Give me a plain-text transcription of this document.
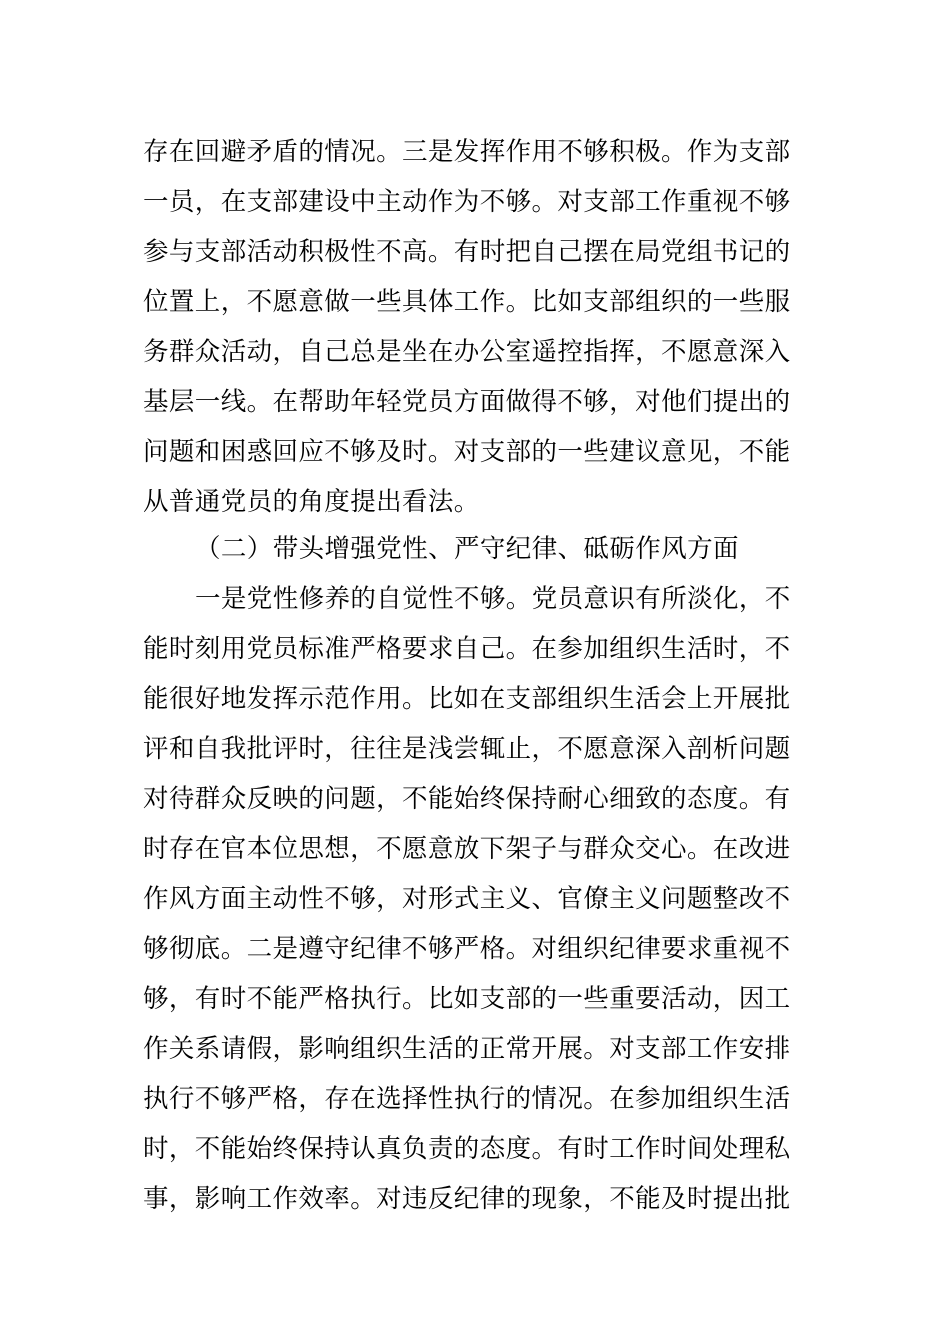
存在回避矛盾的情况。三是发挥作用不够积极。作为支部
一员，在支部建设中主动作为不够。对支部工作重视不够
参与支部活动积极性不高。有时把自己摆在局党组书记的
位置上，不愿意做一些具体工作。比如支部组织的一些服
务群众活动，自己总是坐在办公室遥控指挥，不愿意深入
基层一线。在帮助年轻党员方面做得不够，对他们提出的
问题和困惑回应不够及时。对支部的一些建议意见，不能
从普通党员的角度提出看法。
（二）带头增强党性、严守纪律、砥砺作风方面
一是党性修养的自觉性不够。党员意识有所淡化，不
能时刻用党员标准严格要求自己。在参加组织生活时，不
能很好地发挥示范作用。比如在支部组织生活会上开展批
评和自我批评时，往往是浅尝辄止，不愿意深入剖析问题
对待群众反映的问题，不能始终保持耐心细致的态度。有
时存在官本位思想，不愿意放下架子与群众交心。在改进
作风方面主动性不够，对形式主义、官僚主义问题整改不
够彻底。二是遵守纪律不够严格。对组织纪律要求重视不
够，有时不能严格执行。比如支部的一些重要活动，因工
作关系请假，影响组织生活的正常开展。对支部工作安排
执行不够严格，存在选择性执行的情况。在参加组织生活
时，不能始终保持认真负责的态度。有时工作时间处理私
事，影响工作效率。对违反纪律的现象，不能及时提出批
